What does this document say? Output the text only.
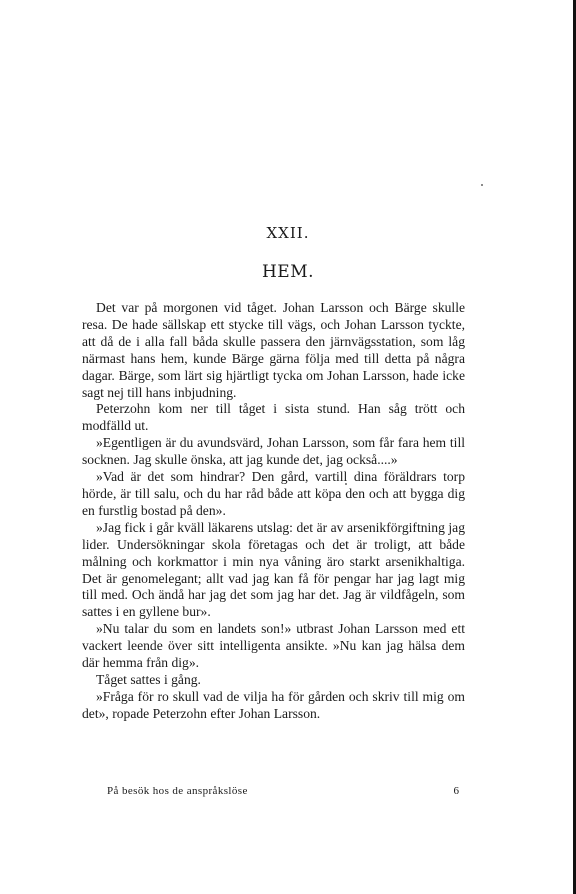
XXII.
HEM.

Det var på morgonen vid tåget. Johan Larsson och Bärge skulle resa. De hade sällskap ett stycke till vägs, och Johan Larsson tyckte, att då de i alla fall båda skulle passera den järnvägsstation, som låg närmast hans hem, kunde Bärge gärna följa med till detta på några dagar. Bärge, som lärt sig hjärtligt tycka om Johan Larsson, hade icke sagt nej till hans inbjudning.

Peterzohn kom ner till tåget i sista stund. Han såg trött och modfälld ut.

»Egentligen är du avundsvärd, Johan Larsson, som får fara hem till socknen. Jag skulle önska, att jag kunde det, jag också....»

»Vad är det som hindrar? Den gård, vartill dina föräldrars torp hörde, är till salu, och du har råd både att köpa den och att bygga dig en furstlig bostad på den».

»Jag fick i går kväll läkarens utslag: det är av arsenikförgiftning jag lider. Undersökningar skola företagas och det är troligt, att både målning och korkmattor i min nya våning äro starkt arsenikhaltiga. Det är genomelegant; allt vad jag kan få för pengar har jag lagt mig till med. Och ändå har jag det som jag har det. Jag är vildfågeln, som sattes i en gyllene bur».

»Nu talar du som en landets son!» utbrast Johan Larsson med ett vackert leende över sitt intelligenta ansikte. »Nu kan jag hälsa dem där hemma från dig».

Tåget sattes i gång.

»Fråga för ro skull vad de vilja ha för gården och skriv till mig om det», ropade Peterzohn efter Johan Larsson.

På besök hos de anspråkslöse	6
